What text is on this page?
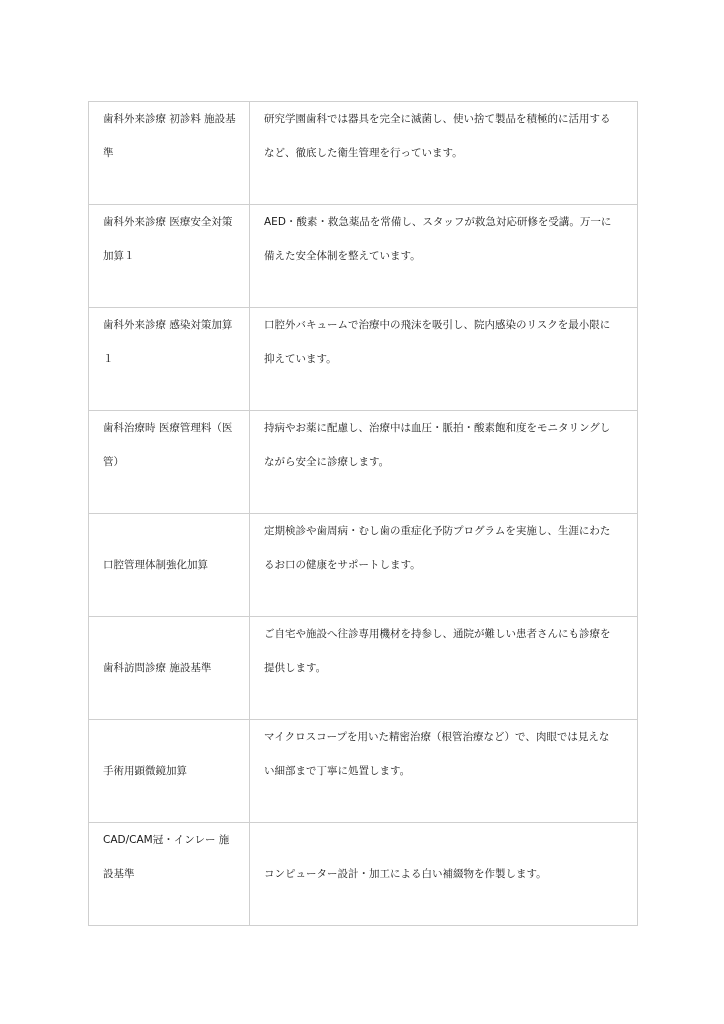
歯科外来診療 初診料 施設基準	研究学園歯科では器具を完全に滅菌し、使い捨て製品を積極的に活用するなど、徹底した衛生管理を行っています。

歯科外来診療 医療安全対策加算１	AED・酸素・救急薬品を常備し、スタッフが救急対応研修を受講。万一に備えた安全体制を整えています。

歯科外来診療 感染対策加算１	口腔外バキュームで治療中の飛沫を吸引し、院内感染のリスクを最小限に抑えています。

歯科治療時 医療管理料（医管）	持病やお薬に配慮し、治療中は血圧・脈拍・酸素飽和度をモニタリングしながら安全に診療します。

口腔管理体制強化加算	定期検診や歯周病・むし歯の重症化予防プログラムを実施し、生涯にわたるお口の健康をサポートします。

歯科訪問診療 施設基準	ご自宅や施設へ往診専用機材を持参し、通院が難しい患者さんにも診療を提供します。

手術用顕微鏡加算	マイクロスコープを用いた精密治療（根管治療など）で、肉眼では見えない細部まで丁寧に処置します。

CAD/CAM冠・インレー 施設基準	コンピューター設計・加工による白い補綴物を作製します。
